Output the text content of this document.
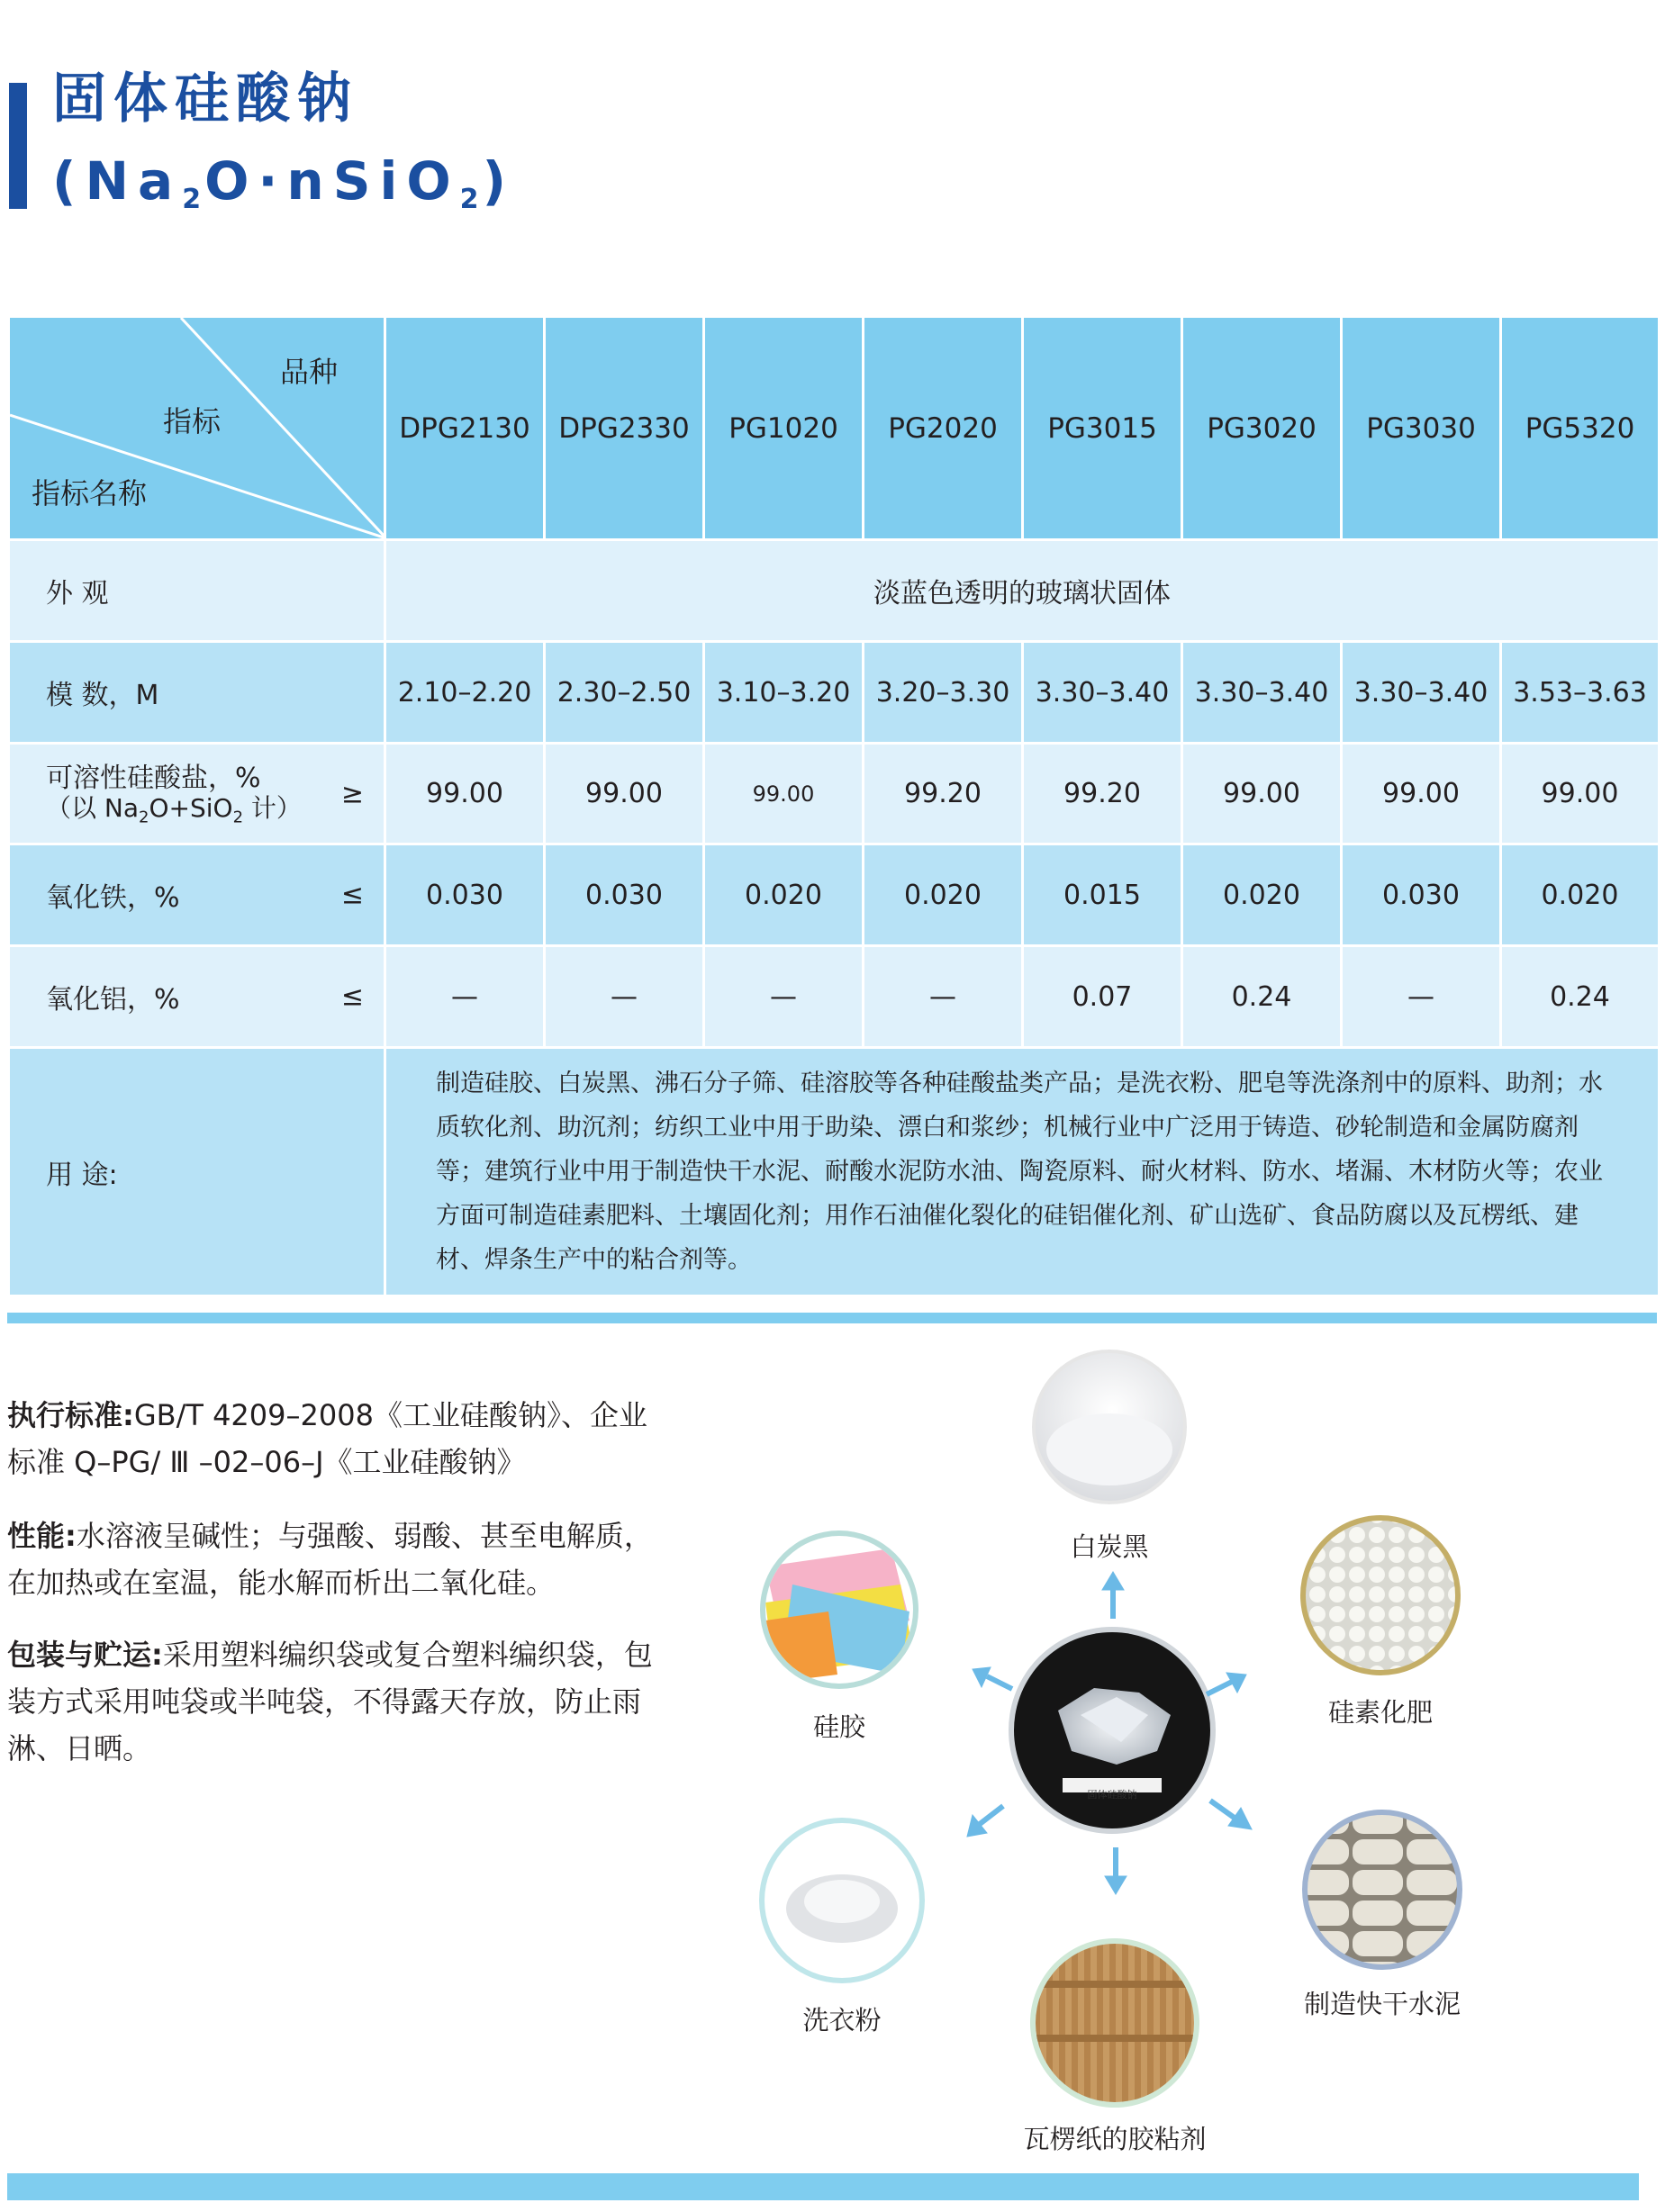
固体硅酸钠
$(Na_2O\cdot nSiO_2)$
品种
指标
指标名称	DPG2130	DPG2330	PG1020	PG2020	PG3015	PG3020	PG3030	PG5320
外 观	淡蓝色透明的玻璃状固体							
模 数，M	2.10–2.20	2.30–2.50	3.10–3.20	3.20–3.30	3.30–3.40	3.30–3.40	3.30–3.40	3.53–3.63

可溶性硅酸盐，%
（以 $Na_2O+SiO_2$ 计） ≥	99.00	99.00	99.00	99.20	99.20	99.00	99.00	99.00
氧化铁，% ≤	0.030	0.030	0.020	0.020	0.015	0.020	0.030	0.020
氧化铝，% ≤	—	—	—	—	0.07	0.24	—	0.24
用 途:	制造硅胶、白炭黑、沸石分子筛、硅溶胶等各种硅酸盐类产品；是洗衣粉、肥皂等洗涤剂中的原料、助剂；水质软化剂、助沉剂；纺织工业中用于助染、漂白和浆纱；机械行业中广泛用于铸造、砂轮制造和金属防腐剂等；建筑行业中用于制造快干水泥、耐酸水泥防水油、陶瓷原料、耐火材料、防水、堵漏、木材防火等；农业方面可制造硅素肥料、土壤固化剂；用作石油催化裂化的硅铝催化剂、矿山选矿、食品防腐以及瓦楞纸、建材、焊条生产中的粘合剂等。							
执行标准:GB/T 4209–2008《工业硅酸钠》、企业标准 Q–PG/ Ⅲ –02–06–J《工业硅酸钠》
性能:水溶液呈碱性；与强酸、弱酸、甚至电解质，在加热或在室温，能水解而析出二氧化硅。
包装与贮运:采用塑料编织袋或复合塑料编织袋，包装方式采用吨袋或半吨袋，不得露天存放，防止雨淋、日晒。
白炭黑
硅素化肥
制造快干水泥
瓦楞纸的胶粘剂
洗衣粉
硅胶
固体硅酸钠
